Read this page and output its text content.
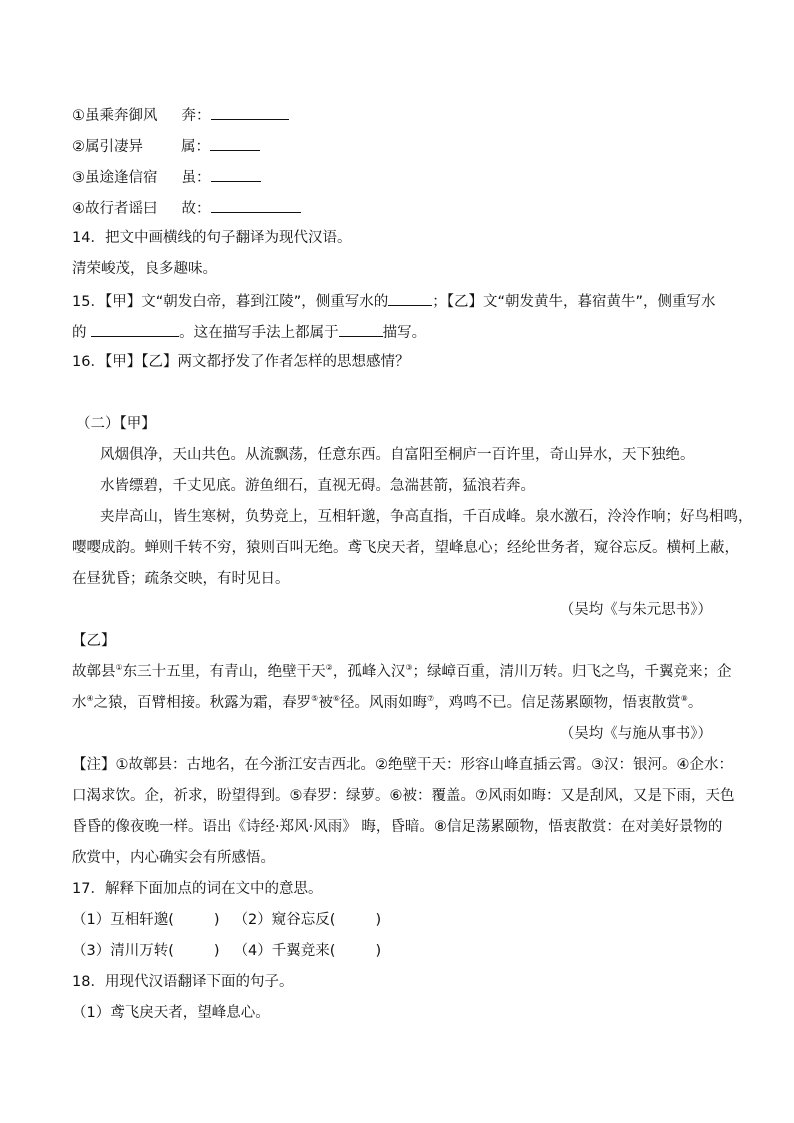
①虽乘奔御风 奔：
②属引凄异	属：
③虽途逢信宿 虽：
④故行者谣曰 故：
14．把文中画横线的句子翻译为现代汉语。
清荣峻茂，良多趣味。
15．【甲】文“朝发白帝，暮到江陵”，侧重写水的	；【乙】文“朝发黄牛，暮宿黄牛”，侧重写水
的	。这在描写手法上都属于	描写。
16．【甲】【乙】两文都抒发了作者怎样的思想感情？
（二）【甲】
风烟俱净，天山共色。从流飘荡，任意东西。自富阳至桐庐一百许里，奇山异水，天下独绝。
水皆缥碧，千丈见底。游鱼细石，直视无碍。急湍甚箭，猛浪若奔。
夹岸高山，皆生寒树，负势竞上，互相轩邈，争高直指，千百成峰。泉水激石，泠泠作响；好鸟相鸣，
嘤嘤成韵。蝉则千转不穷，猿则百叫无绝。鸢飞戾天者，望峰息心；经纶世务者，窥谷忘反。横柯上蔽，
在昼犹昏；疏条交映，有时见日。
（吴均《与朱元思书》）
【乙】
故鄣县①东三十五里，有青山，绝壁干天②，孤峰入汉③；绿嶂百重，清川万转。归飞之鸟，千翼竞来；企
水④之猿，百臂相接。秋露为霜，春罗⑤被⑥径。风雨如晦⑦，鸡鸣不已。信足荡累颐物，悟衷散赏⑧。
（吴均《与施从事书》）
【注】①故鄣县：古地名，在今浙江安吉西北。②绝壁干天：形容山峰直插云霄。③汉：银河。④企水：
口渴求饮。企，祈求，盼望得到。⑤春罗：绿萝。⑥被：覆盖。⑦风雨如晦：又是刮风，又是下雨，天色
昏昏的像夜晚一样。语出《诗经·郑风·风雨》 晦，昏暗。⑧信足荡累颐物，悟衷散赏：在对美好景物的
欣赏中，内心确实会有所感悟。
17．解释下面加点的词在文中的意思。
（1）互相轩邈(	) （2）窥谷忘反(	)
（3）清川万转(	) （4）千翼竞来(	)
18．用现代汉语翻译下面的句子。
（1）鸢飞戾天者，望峰息心。
